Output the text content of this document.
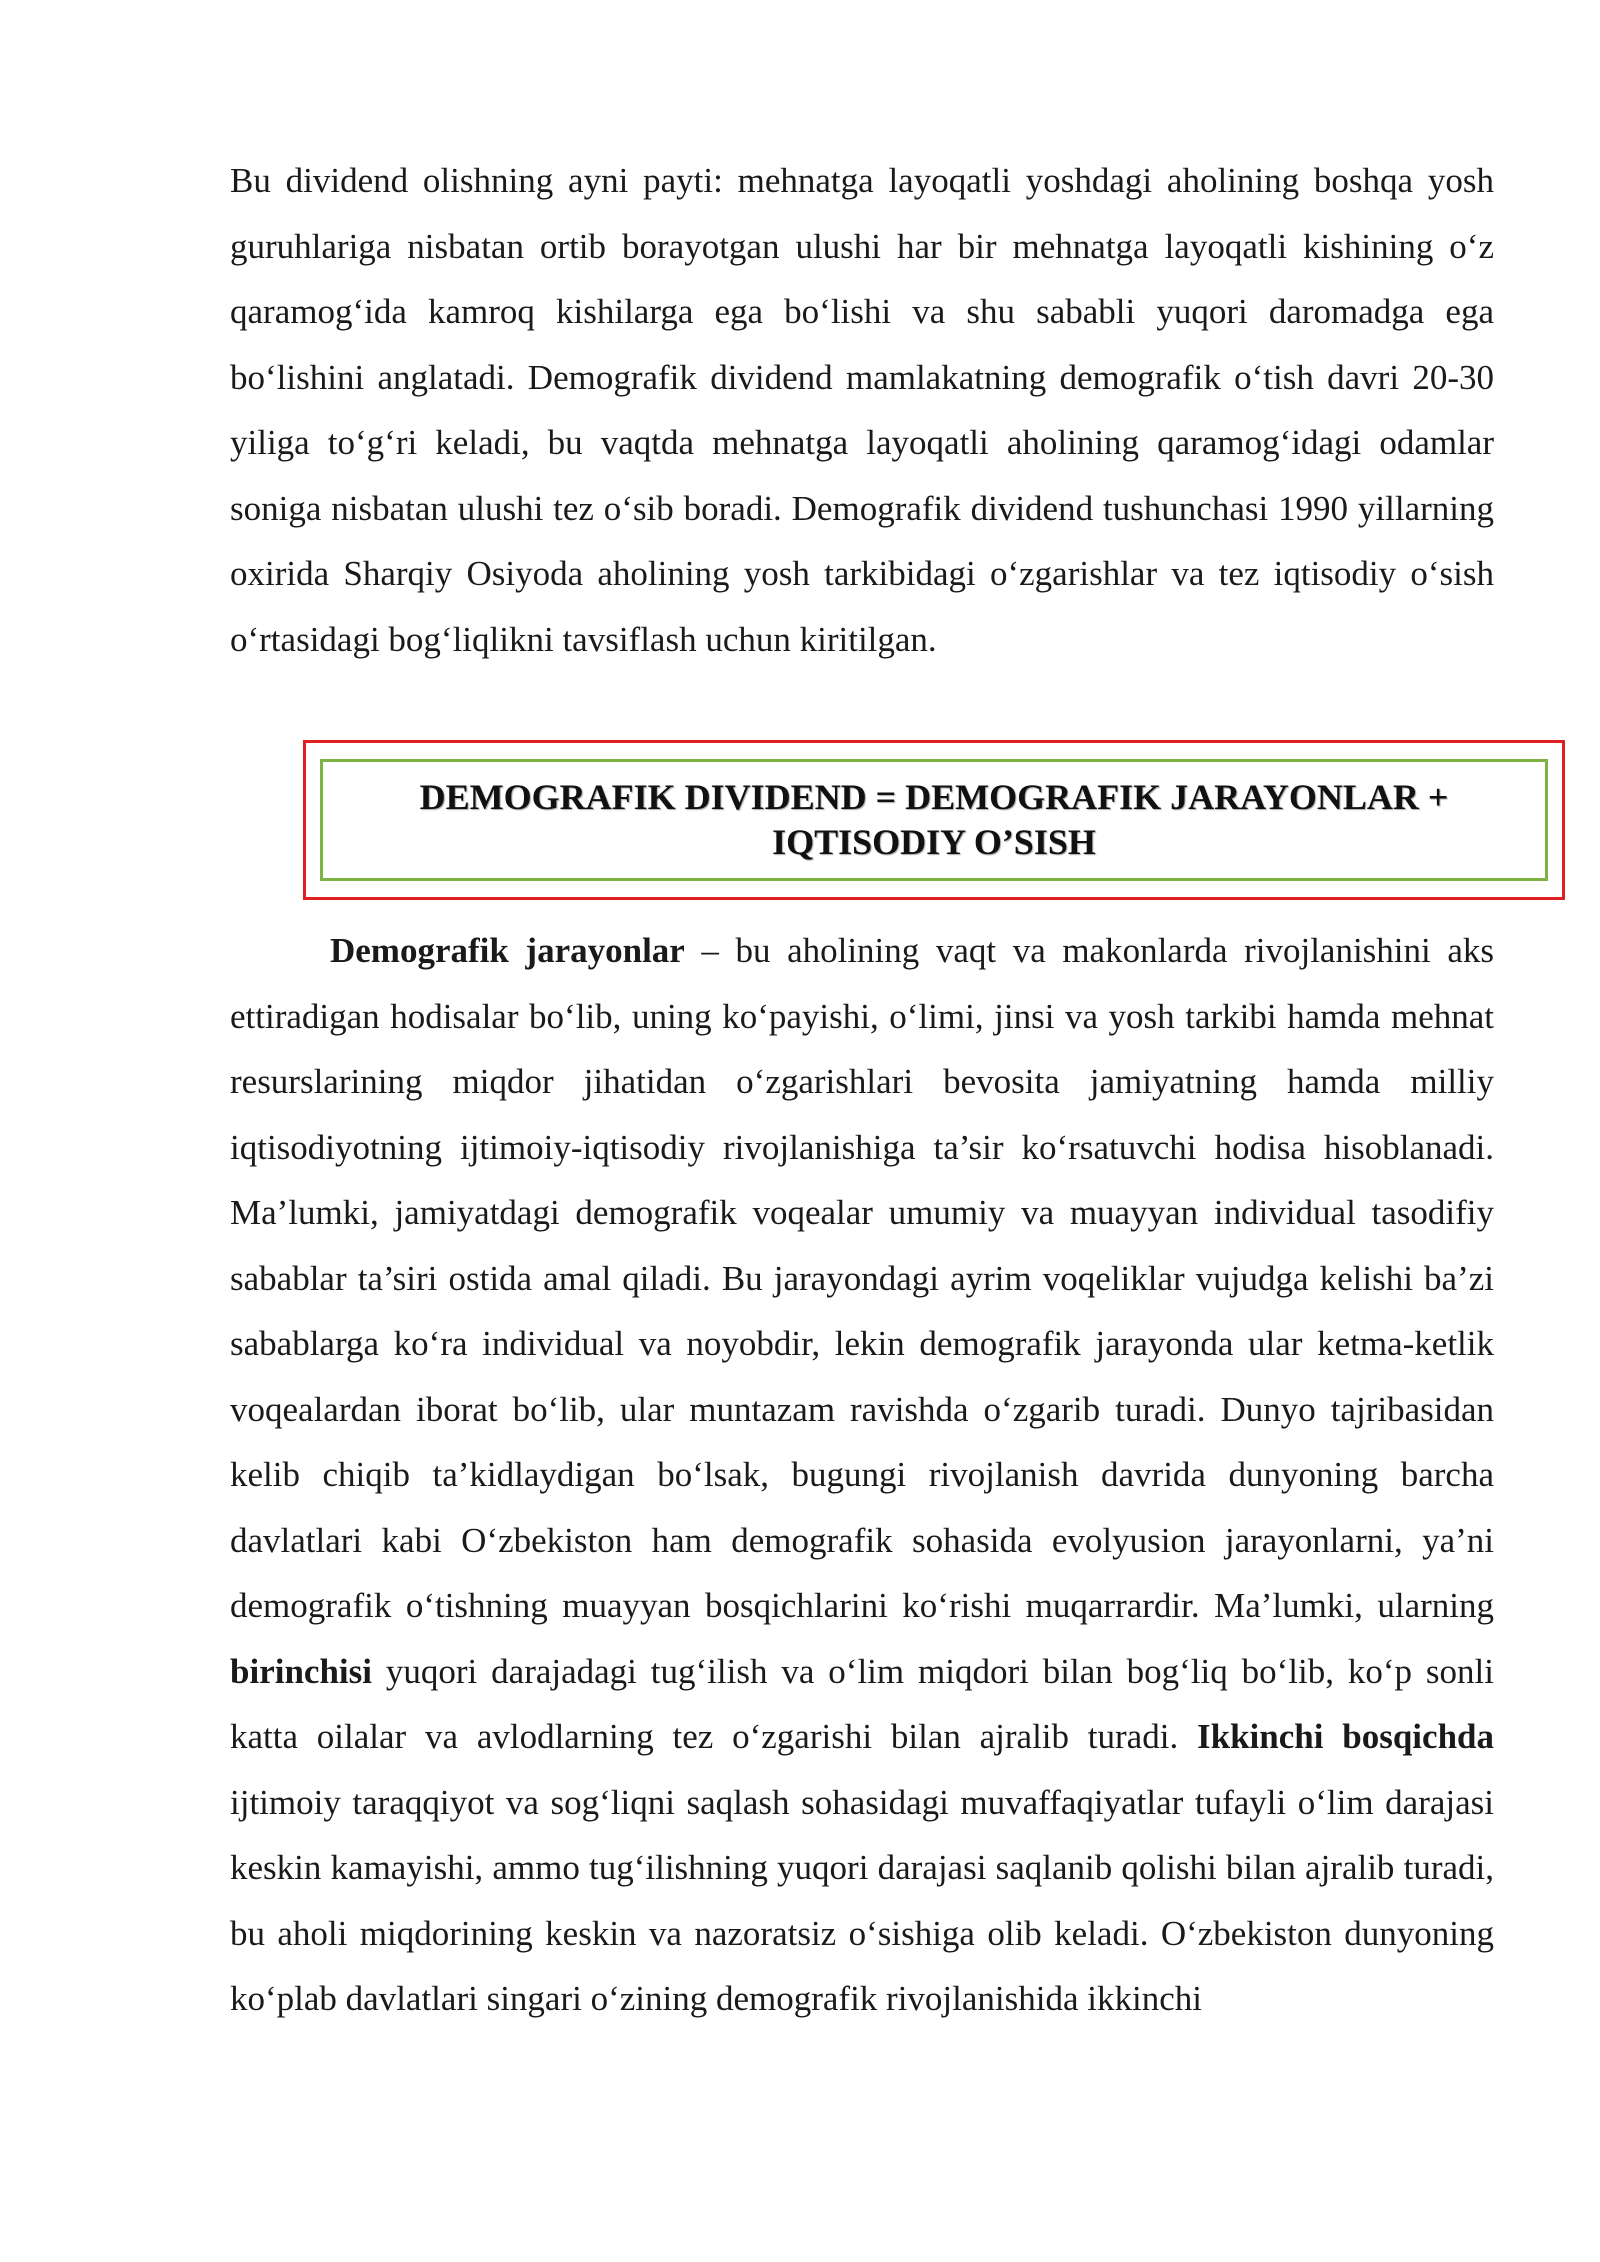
Bu dividend olishning ayni payti: mehnatga layoqatli yoshdagi aholining boshqa yosh guruhlariga nisbatan ortib borayotgan ulushi har bir mehnatga layoqatli kishining o‘z qaramog‘ida kamroq kishilarga ega bo‘lishi va shu sababli yuqori daromadga ega bo‘lishini anglatadi. Demografik dividend mamlakatning demografik o‘tish davri 20-30 yiliga to‘g‘ri keladi, bu vaqtda mehnatga layoqatli aholining qaramog‘idagi odamlar soniga nisbatan ulushi tez o‘sib boradi. Demografik dividend tushunchasi 1990 yillarning oxirida Sharqiy Osiyoda aholining yosh tarkibidagi o‘zgarishlar va tez iqtisodiy o‘sish o‘rtasidagi bog‘liqlikni tavsiflash uchun kiritilgan.

DEMOGRAFIK DIVIDEND = DEMOGRAFIK JARAYONLAR +
IQTISODIY O’SISH

Demografik jarayonlar – bu aholining vaqt va makonlarda rivojlanishini aks ettiradigan hodisalar bo‘lib, uning ko‘payishi, o‘limi, jinsi va yosh tarkibi hamda mehnat resurslarining miqdor jihatidan o‘zgarishlari bevosita jamiyatning hamda milliy iqtisodiyotning ijtimoiy-iqtisodiy rivojlanishiga ta’sir ko‘rsatuvchi hodisa hisoblanadi. Ma’lumki, jamiyatdagi demografik voqealar umumiy va muayyan individual tasodifiy sabablar ta’siri ostida amal qiladi. Bu jarayondagi ayrim voqeliklar vujudga kelishi ba’zi sabablarga ko‘ra individual va noyobdir, lekin demografik jarayonda ular ketma-ketlik voqealardan iborat bo‘lib, ular muntazam ravishda o‘zgarib turadi. Dunyo tajribasidan kelib chiqib ta’kidlaydigan bo‘lsak, bugungi rivojlanish davrida dunyoning barcha davlatlari kabi O‘zbekiston ham demografik sohasida evolyusion jarayonlarni, ya’ni demografik o‘tishning muayyan bosqichlarini ko‘rishi muqarrardir. Ma’lumki, ularning birinchisi yuqori darajadagi tug‘ilish va o‘lim miqdori bilan bog‘liq bo‘lib, ko‘p sonli katta oilalar va avlodlarning tez o‘zgarishi bilan ajralib turadi. Ikkinchi bosqichda ijtimoiy taraqqiyot va sog‘liqni saqlash sohasidagi muvaffaqiyatlar tufayli o‘lim darajasi keskin kamayishi, ammo tug‘ilishning yuqori darajasi saqlanib qolishi bilan ajralib turadi, bu aholi miqdorining keskin va nazoratsiz o‘sishiga olib keladi. O‘zbekiston dunyoning ko‘plab davlatlari singari o‘zining demografik rivojlanishida ikkinchi
